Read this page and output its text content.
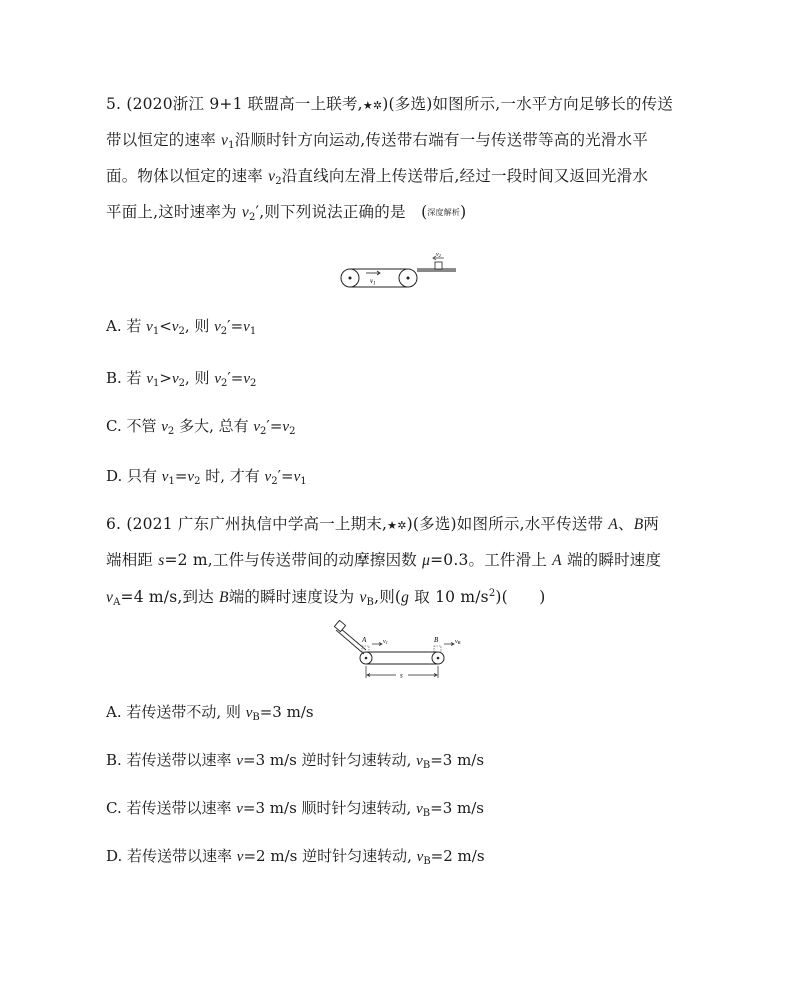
5. (2020浙江 9+1 联盟高一上联考,★✲)(多选)如图所示,一水平方向足够长的传送
带以恒定的速率 $v_1$沿顺时针方向运动,传送带右端有一与传送带等高的光滑水平
面。物体以恒定的速率 $v_2$沿直线向左滑上传送带后,经过一段时间又返回光滑水
平面上,这时速率为 $v_2'$,则下列说法正确的是 (深度解析)
$v_1$
v2
A. 若 $v_1<v_2$, 则 $v_2'=v_1$
B. 若 $v_1>v_2$, 则 $v_2'=v_2$
C. 不管 $v_2$ 多大, 总有 $v_2'=v_2$
D. 只有 $v_1=v_2$ 时, 才有 $v_2'=v_1$
6. (2021 广东广州执信中学高一上期末,★✲)(多选)如图所示,水平传送带 A、B两
端相距 s=2 m,工件与传送带间的动摩擦因数 μ=0.3。工件滑上 A 端的瞬时速度
$v_A=4$ m/s,到达 B端的瞬时速度设为 $v_B$,则(g 取 10 $m/s^2$)(　　)
A	B
v1	vB
s
A. 若传送带不动, 则 $v_B=3$ m/s
B. 若传送带以速率 v=3 m/s 逆时针匀速转动, $v_B=3$ m/s
C. 若传送带以速率 v=3 m/s 顺时针匀速转动, $v_B=3$ m/s
D. 若传送带以速率 v=2 m/s 逆时针匀速转动, $v_B=2$ m/s
